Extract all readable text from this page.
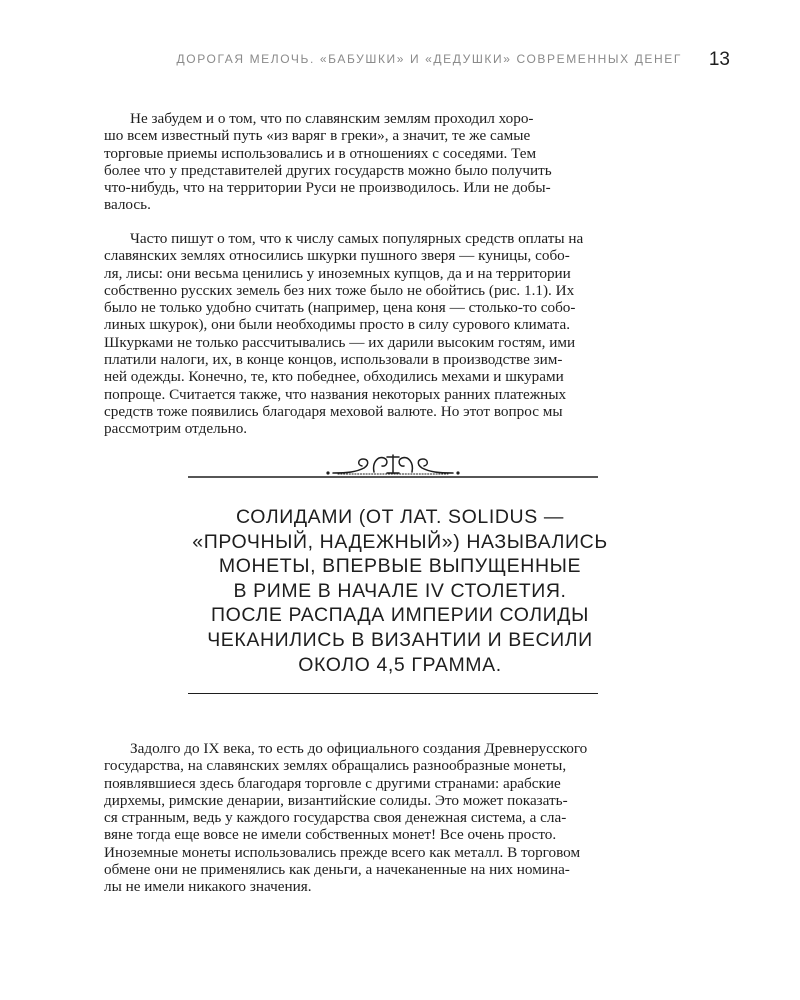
ДОРОГАЯ МЕЛОЧЬ. «БАБУШКИ» И «ДЕДУШКИ» СОВРЕМЕННЫХ ДЕНЕГ 13

Не забудем и о том, что по славянским землям проходил хоро-
шо всем известный путь «из варяг в греки», а значит, те же самые
торговые приемы использовались и в отношениях с соседями. Тем
более что у представителей других государств можно было получить
что-нибудь, что на территории Руси не производилось. Или не добы-
валось.

Часто пишут о том, что к числу самых популярных средств оплаты на
славянских землях относились шкурки пушного зверя — куницы, собо-
ля, лисы: они весьма ценились у иноземных купцов, да и на территории
собственно русских земель без них тоже было не обойтись (рис. 1.1). Их
было не только удобно считать (например, цена коня — столько-то собо-
линых шкурок), они были необходимы просто в силу сурового климата.
Шкурками не только рассчитывались — их дарили высоким гостям, ими
платили налоги, их, в конце концов, использовали в производстве зим-
ней одежды. Конечно, те, кто победнее, обходились мехами и шкурами
попроще. Считается также, что названия некоторых ранних платежных
средств тоже появились благодаря меховой валюте. Но этот вопрос мы
рассмотрим отдельно.

СОЛИДАМИ (ОТ ЛАТ. SOLIDUS —
«ПРОЧНЫЙ, НАДЕЖНЫЙ») НАЗЫВАЛИСЬ
МОНЕТЫ, ВПЕРВЫЕ ВЫПУЩЕННЫЕ
В РИМЕ В НАЧАЛЕ IV СТОЛЕТИЯ.
ПОСЛЕ РАСПАДА ИМПЕРИИ СОЛИДЫ
ЧЕКАНИЛИСЬ В ВИЗАНТИИ И ВЕСИЛИ
ОКОЛО 4,5 ГРАММА.

Задолго до IX века, то есть до официального создания Древнерусского
государства, на славянских землях обращались разнообразные монеты,
появлявшиеся здесь благодаря торговле с другими странами: арабские
дирхемы, римские денарии, византийские солиды. Это может показать-
ся странным, ведь у каждого государства своя денежная система, а сла-
вяне тогда еще вовсе не имели собственных монет! Все очень просто.
Иноземные монеты использовались прежде всего как металл. В торговом
обмене они не применялись как деньги, а начеканенные на них номина-
лы не имели никакого значения.
